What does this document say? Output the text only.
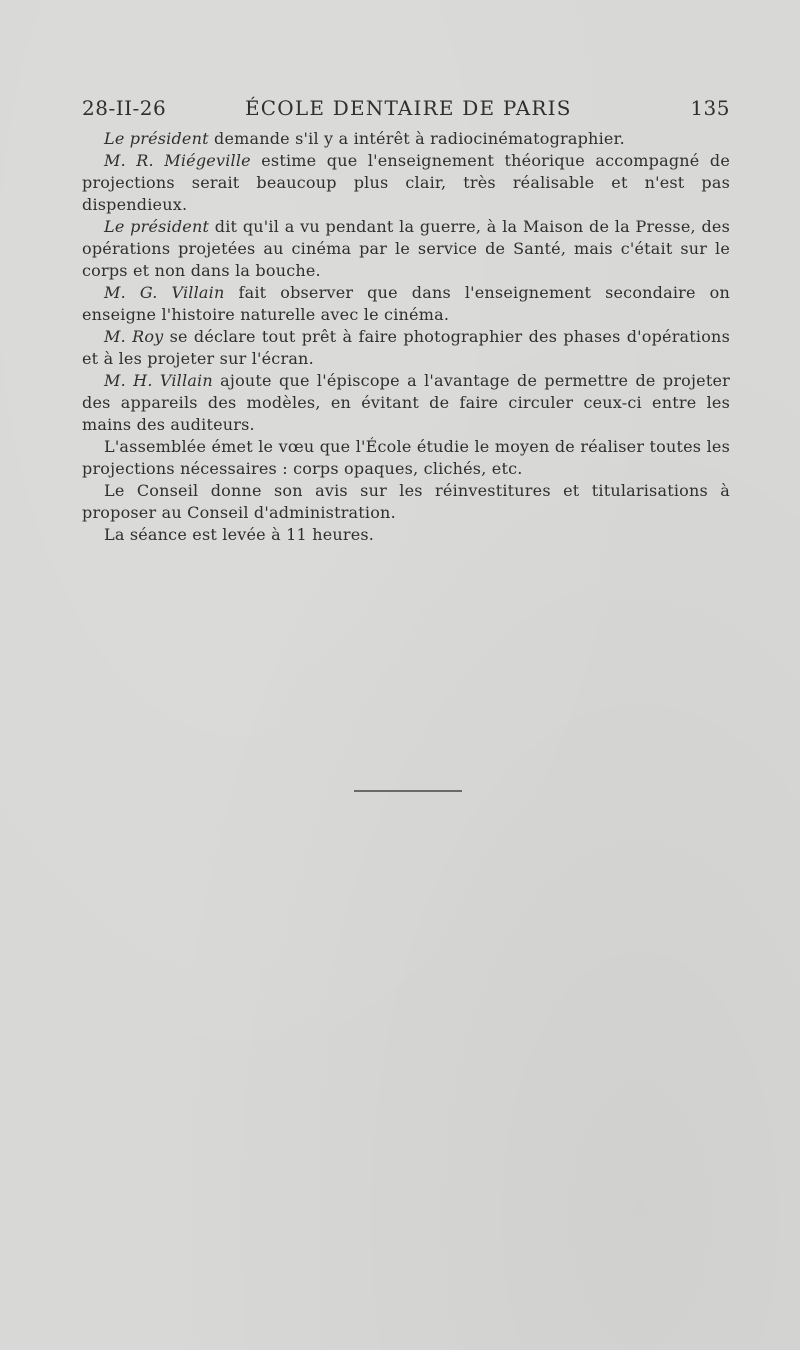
28-II-26	ÉCOLE DENTAIRE DE PARIS	135

Le président demande s'il y a intérêt à radiocinématographier.

M. R. Miégeville estime que l'enseignement théorique accompagné de projections serait beaucoup plus clair, très réalisable et n'est pas dispendieux.

Le président dit qu'il a vu pendant la guerre, à la Maison de la Presse, des opérations projetées au cinéma par le service de Santé, mais c'était sur le corps et non dans la bouche.

M. G. Villain fait observer que dans l'enseignement secondaire on enseigne l'histoire naturelle avec le cinéma.

M. Roy se déclare tout prêt à faire photographier des phases d'opérations et à les projeter sur l'écran.

M. H. Villain ajoute que l'épiscope a l'avantage de permettre de projeter des appareils des modèles, en évitant de faire circuler ceux-ci entre les mains des auditeurs.

L'assemblée émet le vœu que l'École étudie le moyen de réaliser toutes les projections nécessaires : corps opaques, clichés, etc.

Le Conseil donne son avis sur les réinvestitures et titularisations à proposer au Conseil d'administration.

La séance est levée à 11 heures.
